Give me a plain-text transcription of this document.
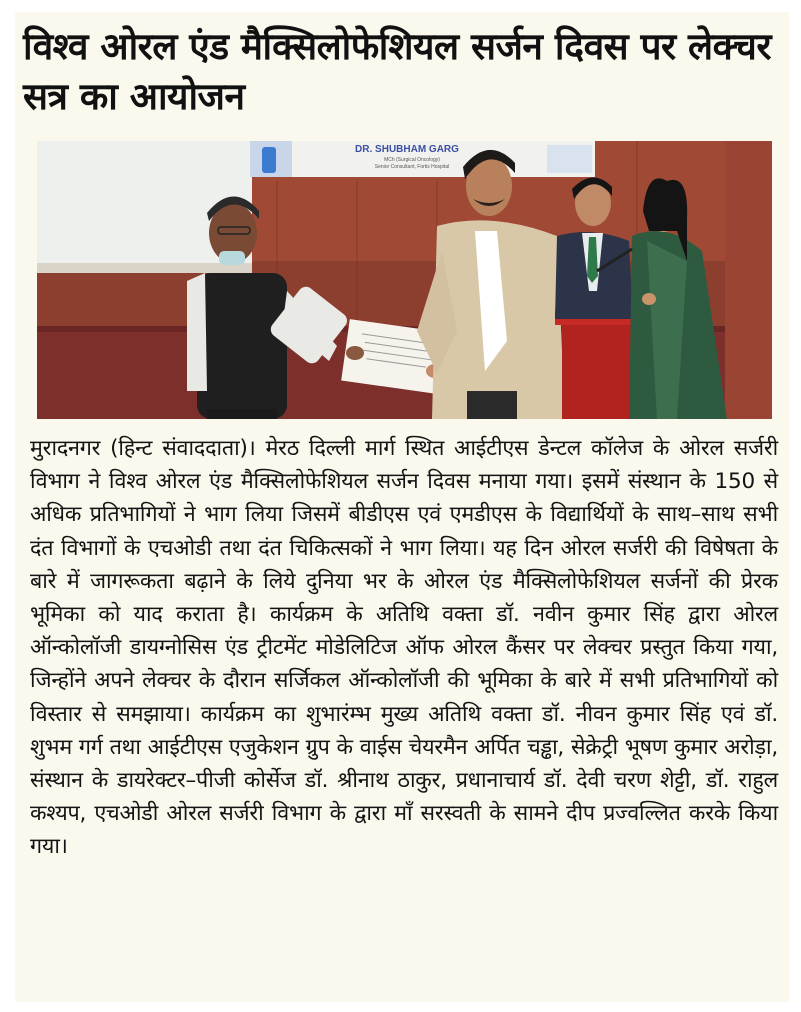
विश्व ओरल एंड मैक्सिलोफेशियल सर्जन दिवस पर लेक्चर सत्र का आयोजन
DR. SHUBHAM GARG
MCh (Surgical Oncology)
Senior Consultant, Fortis Hospital

मुरादनगर (हिन्ट संवाददाता)। मेरठ दिल्ली मार्ग स्थित आईटीएस डेन्टल कॉलेज के ओरल सर्जरी विभाग ने विश्व ओरल एंड मैक्सिलोफेशियल सर्जन दिवस मनाया गया। इसमें संस्थान के 150 से अधिक प्रतिभागियों ने भाग लिया जिसमें बीडीएस एवं एमडीएस के विद्यार्थियों के साथ–साथ सभी दंत विभागों के एचओडी तथा दंत चिकित्सकों ने भाग लिया। यह दिन ओरल सर्जरी की विषेषता के बारे में जागरूकता बढ़ाने के लिये दुनिया भर के ओरल एंड मैक्सिलोफेशियल सर्जनों की प्रेरक भूमिका को याद कराता है। कार्यक्रम के अतिथि वक्ता डॉ. नवीन कुमार सिंह द्वारा ओरल ऑन्कोलॉजी डायग्नोसिस एंड ट्रीटमेंट मोडेलिटिज ऑफ ओरल कैंसर पर लेक्चर प्रस्तुत किया गया, जिन्होंने अपने लेक्चर के दौरान सर्जिकल ऑन्कोलॉजी की भूमिका के बारे में सभी प्रतिभागियों को विस्तार से समझाया। कार्यक्रम का शुभारंम्भ मुख्य अतिथि वक्ता डॉ. नीवन कुमार सिंह एवं डॉ. शुभम गर्ग तथा आईटीएस एजुकेशन ग्रुप के वाईस चेयरमैन अर्पित चड्ढा, सेक्रेट्री भूषण कुमार अरोड़ा, संस्थान के डायरेक्टर–पीजी कोर्सेज डॉ. श्रीनाथ ठाकुर, प्रधानाचार्य डॉ. देवी चरण शेट्टी, डॉ. राहुल कश्यप, एचओडी ओरल सर्जरी विभाग के द्वारा माँ सरस्वती के सामने दीप प्रज्वल्लित करके किया गया।
